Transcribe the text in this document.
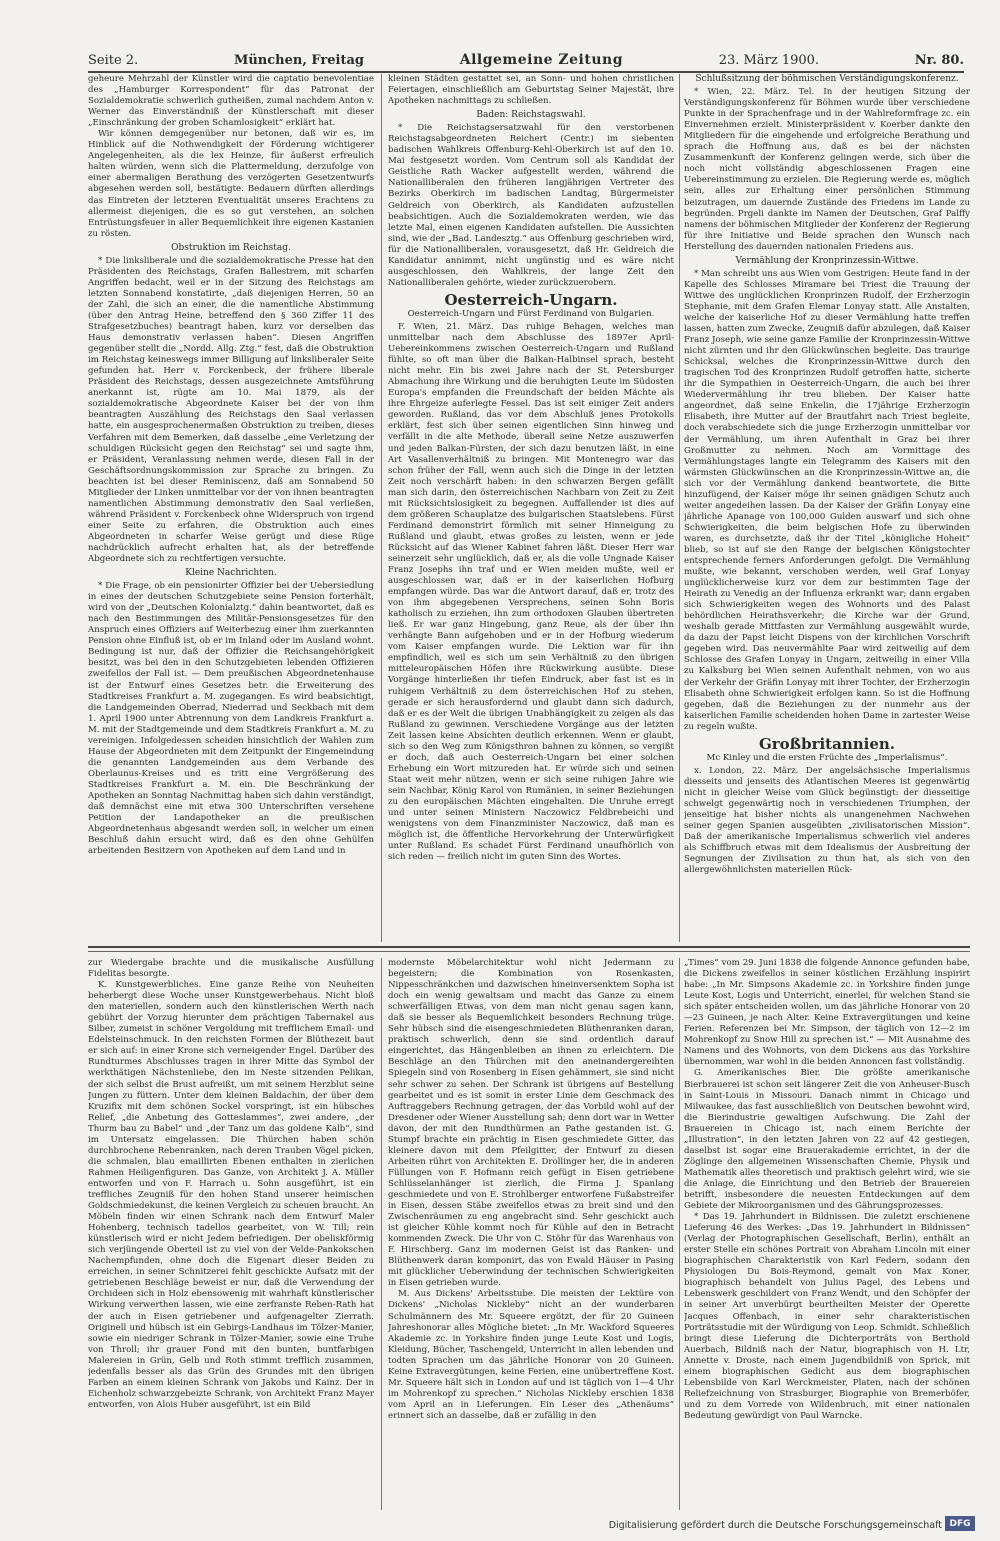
Seite 2.	München, Freitag	Allgemeine Zeitung	23. März 1900.	Nr. 80.

geheure Mehrzahl der Künstler wird die captatio benevolentiae des „Hamburger Korrespondent“ für das Patronat der Sozialdemokratie schwerlich gutheißen, zumal nachdem Anton v. Werner das Einverständniß der Künstlerschaft mit dieser „Einschränkung der groben Schamlosigkeit“ erklärt hat.

Wir können demgegenüber nur betonen, daß wir es, im Hinblick auf die Nothwendigkeit der Förderung wichtigerer Angelegenheiten, als die lex Heinze, für äußerst erfreulich halten würden, wenn sich die Plattermeldung, derzufolge von einer abermaligen Berathung des verzögerten Gesetzentwurfs abgesehen werden soll, bestätigte. Bedauern dürften allerdings das Eintreten der letzteren Eventualität unseres Erachtens zu allermeist diejenigen, die es so gut verstehen, an solchen Entrüstungsfeuer in aller Bequemlichkeit ihre eigenen Kastanien zu rösten.

Obstruktion im Reichstag.

* Die linksliberale und die sozialdemokratische Presse hat den Präsidenten des Reichstags, Grafen Ballestrem, mit scharfen Angriffen bedacht, weil er in der Sitzung des Reichstags am letzten Sonnabend konstatirte, „daß diejenigen Herren, 50 an der Zahl, die sich an einer, die die namentliche Abstimmung (über den Antrag Heine, betreffend den § 360 Ziffer 11 des Strafgesetzbuches) beantragt haben, kurz vor derselben das Haus demonstrativ verlassen haben“. Diesen Angriffen gegenüber stellt die „Nordd. Allg. Ztg.“ fest, daß die Obstruktion im Reichstag keineswegs immer Billigung auf linksliberaler Seite gefunden hat. Herr v. Forckenbeck, der frühere liberale Präsident des Reichstags, dessen ausgezeichnete Amtsführung anerkannt ist, rügte am 10. Mai 1879, als der sozialdemokratische Abgeordnete Kaiser bei der von ihm beantragten Auszählung des Reichstags den Saal verlassen hatte, ein ausgesprochenermaßen Obstruktion zu treiben, dieses Verfahren mit dem Bemerken, daß dasselbe „eine Verletzung der schuldigen Rücksicht gegen den Reichstag“ sei und sagte ihm, er Präsident, Veranlassung nehmen werde, diesen Fall in der Geschäftsordnungskommission zur Sprache zu bringen. Zu beachten ist bei dieser Reminiscenz, daß am Sonnabend 50 Mitglieder der Linken unmittelbar vor der von ihnen beantragten namentlichen Abstimmung demonstrativ den Saal verließen, während Präsident v. Forckenbeck ohne Widerspruch von irgend einer Seite zu erfahren, die Obstruktion auch eines Abgeordneten in scharfer Weise gerügt und diese Rüge nachdrücklich aufrecht erhalten hat, als der betreffende Abgeordnete sich zu rechtfertigen versuchte.

Kleine Nachrichten.

* Die Frage, ob ein pensionirter Offizier bei der Uebersiedlung in eines der deutschen Schutzgebiete seine Pension forterhält, wird von der „Deutschen Kolonialztg.“ dahin beantwortet, daß es nach den Bestimmungen des Militär-Pensionsgesetzes für den Anspruch eines Offiziers auf Weiterbezug einer ihm zuerkannten Pension ohne Einfluß ist, ob er im Inland oder im Ausland wohnt. Bedingung ist nur, daß der Offizier die Reichsangehörigkeit besitzt, was bei den in den Schutzgebieten lebenden Offizieren zweifellos der Fall ist. — Dem preußischen Abgeordnetenhause ist der Entwurf eines Gesetzes betr. die Erweiterung des Stadtkreises Frankfurt a. M. zugegangen. Es wird beabsichtigt, die Landgemeinden Oberrad, Niederrad und Seckbach mit dem 1. April 1900 unter Abtrennung von dem Landkreis Frankfurt a. M. mit der Stadtgemeinde und dem Stadtkreis Frankfurt a. M. zu vereinigen. Infolgedessen scheiden hinsichtlich der Wahlen zum Hause der Abgeordneten mit dem Zeitpunkt der Eingemeindung die genannten Landgemeinden aus dem Verbande des Oberlaunus-Kreises und es tritt eine Vergrößerung des Stadtkreises Frankfurt a. M. ein. Die Beschränkung der Apotheken an Sonntag Nachmittag haben sich dahin verständigt, daß demnächst eine mit etwa 300 Unterschriften versehene Petition der Landapotheker an die preußischen Abgeordnetenhaus abgesandt werden soll, in welcher um einen Beschluß dahin ersucht wird, daß es den ohne Gehülfen arbeitenden Besitzern von Apotheken auf dem Land und in

kleinen Städten gestattet sei, an Sonn- und hohen christlichen Feiertagen, einschließlich am Geburtstag Seiner Majestät, ihre Apotheken nachmittags zu schließen.

Baden: Reichstagswahl.

* Die Reichstagsersatzwahl für den verstorbenen Reichstagsabgeordneten Reichert (Centr.) im siebenten badischen Wahlkreis Offenburg-Kehl-Oberkirch ist auf den 10. Mai festgesetzt worden. Vom Centrum soll als Kandidat der Geistliche Rath Wacker aufgestellt werden, während die Nationalliberalen den früheren langjährigen Vertreter des Bezirks Oberkirch im badischen Landtag, Bürgermeister Geldreich von Oberkirch, als Kandidaten aufzustellen beabsichtigen. Auch die Sozialdemokraten werden, wie das letzte Mal, einen eigenen Kandidaten aufstellen. Die Aussichten sind, wie der „Bad. Landesztg.“ aus Offenburg geschrieben wird, für die Nationalliberalen, vorausgesetzt, daß Hr. Geldreich die Kandidatur annimmt, nicht ungünstig und es wäre nicht ausgeschlossen, den Wahlkreis, der lange Zeit den Nationalliberalen gehörte, wieder zurückzuerobern.

Oesterreich-Ungarn.
Oesterreich-Ungarn und Fürst Ferdinand von Bulgarien.

F. Wien, 21. März. Das ruhige Behagen, welches man unmittelbar nach dem Abschlusse des 1897er April-Uebereinkommens zwischen Oesterreich-Ungarn und Rußland fühlte, so oft man über die Balkan-Halbinsel sprach, besteht nicht mehr. Ein bis zwei Jahre nach der St. Petersburger Abmachung ihre Wirkung und die beruhigten Leute im Südosten Europa's empfanden die Freundschaft der beiden Mächte als ihre Ehrgeize auferlegte Fessel. Das ist seit einiger Zeit anders geworden. Rußland, das vor dem Abschluß jenes Protokolls erklärt, fest sich über seinen eigentlichen Sinn hinweg und verfällt in die alte Methode, überall seine Netze auszuwerfen und jeden Balkan-Fürsten, der sich dazu benutzen läßt, in eine Art Vasallenverhältniß zu bringen. Mit Montenegro war das schon früher der Fall, wenn auch sich die Dinge in der letzten Zeit noch verschärft haben: in den schwarzen Bergen gefällt man sich darin, den österreichischen Nachbarn von Zeit zu Zeit mit Rücksichtslosigkeit zu begegnen. Auffallender ist dies auf dem größeren Schauplatze des bulgarischen Staatslebens. Fürst Ferdinand demonstrirt förmlich mit seiner Hinneigung zu Rußland und glaubt, etwas großes zu leisten, wenn er jede Rücksicht auf das Wiener Kabinet fahren läßt. Dieser Herr war seinerzeit sehr unglücklich, daß er, als die volle Ungnade Kaiser Franz Josephs ihn traf und er Wien meiden mußte, weil er ausgeschlossen war, daß er in der kaiserlichen Hofburg empfangen würde. Das war die Antwort darauf, daß er, trotz des von ihm abgegebenen Versprechens, seinen Sohn Boris katholisch zu erziehen, ihn zum orthodoxen Glauben übertreten ließ. Er war ganz Hingebung, ganz Reue, als der über ihn verhängte Bann aufgehoben und er in der Hofburg wiederum vom Kaiser empfangen wurde. Die Lektion war für ihn empfindlich, weil es sich um sein Verhältniß zu den übrigen mitteleuropäischen Höfen ihre Rückwirkung ausübte. Diese Vorgänge hinterließen ihr tiefen Eindruck, aber fast ist es in ruhigem Verhältniß zu dem österreichischen Hof zu stehen, gerade er sich herausfordernd und glaubt dann sich dadurch, daß er es der Welt die übrigen Unabhängigkeit zu zeigen als das Rußland zu gewinnen. Verschiedene Vorgänge aus der letzten Zeit lassen keine Absichten deutlich erkennen. Wenn er glaubt, sich so den Weg zum Königsthron bahnen zu können, so vergißt er doch, daß auch Oesterreich-Ungarn bei einer solchen Erhebung ein Wort mitzureden hat. Er würde sich und seinen Staat weit mehr nützen, wenn er sich seine ruhigen Jahre wie sein Nachbar, König Karol von Rumänien, in seiner Beziehungen zu den europäischen Mächten eingehalten. Die Unruhe erregt und unter seinen Ministern Naczowicz Feldbrebeichi und wenigstens von dem Finanzminister Naczowicz, daß man es möglich ist, die öffentliche Hervorkehrung der Unterwürfigkeit unter Rußland. Es schadet Fürst Ferdinand unaufhörlich von sich reden — freilich nicht im guten Sinn des Wortes.

Schlußsitzung der böhmischen Verständigungskonferenz.

* Wien, 22. März. Tel. In der heutigen Sitzung der Verständigungskonferenz für Böhmen wurde über verschiedene Punkte in der Sprachenfrage und in der Wahlreformfrage zc. ein Einvernehmen erzielt. Ministerpräsident v. Koerber dankte den Mitgliedern für die eingehende und erfolgreiche Berathung und sprach die Hoffnung aus, daß es bei der nächsten Zusammenkunft der Konferenz gelingen werde, sich über die noch nicht vollständig abgeschlossenen Fragen eine Uebereinstimmung zu erzielen. Die Regierung werde es, möglich sein, alles zur Erhaltung einer persönlichen Stimmung beizutragen, um dauernde Zustände des Friedens im Lande zu begründen. Prgeli dankte im Namen der Deutschen, Graf Palffy namens der böhmischen Mitglieder der Konferenz der Regierung für ihre Initiative und Beide sprachen den Wunsch nach Herstellung des dauernden nationalen Friedens aus.

Vermählung der Kronprinzessin-Wittwe.

* Man schreibt uns aus Wien vom Gestrigen: Heute fand in der Kapelle des Schlosses Miramare bei Triest die Trauung der Wittwe des unglücklichen Kronprinzen Rudolf, der Erzherzogin Stephanie, mit dem Grafen Elemar Lonyay statt. Alle Anstalten, welche der kaiserliche Hof zu dieser Vermählung hatte treffen lassen, hatten zum Zwecke, Zeugniß dafür abzulegen, daß Kaiser Franz Joseph, wie seine ganze Familie der Kronprinzessin-Wittwe nicht zürnten und ihr den Glückwünschen begleite. Das traurige Schicksal, welches die Kronprinzessin-Wittwe durch den tragischen Tod des Kronprinzen Rudolf getroffen hatte, sicherte ihr die Sympathien in Oesterreich-Ungarn, die auch bei ihrer Wiedervermählung ihr treu blieben. Der Kaiser hatte angeordnet, daß seine Enkelin, die 17jährige Erzherzogin Elisabeth, ihre Mutter auf der Brautfahrt nach Triest begleite, doch verabschiedete sich die junge Erzherzogin unmittelbar vor der Vermählung, um ihren Aufenthalt in Graz bei ihrer Großmutter zu nehmen. Noch am Vormittage des Vermählungstages langte ein Telegramm des Kaisers mit den wärmsten Glückwünschen an die Kronprinzessin-Wittwe an, die sich vor der Vermählung dankend beantwortete, die Bitte hinzufügend, der Kaiser möge ihr seinen gnädigen Schutz auch weiter angedeihen lassen. Da der Kaiser der Gräfin Lonyay eine jährliche Apanage von 100,000 Gulden auswarf und sich ohne Schwierigkeiten, die beim belgischen Hofe zu überwinden waren, es durchsetzte, daß ihr der Titel „königliche Hoheit“ blieb, so ist auf sie den Range der belgischen Königstochter entsprechende ferners Anforderungen gefolgt. Die Vermählung mußte, wie bekannt, verschoben werden, weil Graf Lonyay unglücklicherweise kurz vor dem zur bestimmten Tage der Heirath zu Venedig an der Influenza erkrankt war; dann ergaben sich Schwierigkeiten wegen des Wohnorts und des Palast behördlichen Heirathsverkehr; die Kirche war der Grund, weshalb gerade Mittfasten zur Vermählung ausgewählt wurde, da dazu der Papst leicht Dispens von der kirchlichen Vorschrift gegeben wird. Das neuvermählte Paar wird zeitweilig auf dem Schlosse des Grafen Lonyay in Ungarn, zeitweilig in einer Villa zu Kalksburg bei Wien seinen Aufenthalt nehmen, von wo aus der Verkehr der Gräfin Lonyay mit ihrer Tochter, der Erzherzogin Elisabeth ohne Schwierigkeit erfolgen kann. So ist die Hoffnung gegeben, daß die Beziehungen zu der nunmehr aus der kaiserlichen Familie scheidenden hohen Dame in zartester Weise zu regeln wußte.

Großbritannien.
Mc Kinley und die ersten Früchte des „Imperialismus“.

x. London, 22. März. Der angelsächsische Imperialismus diesseits und jenseits des Atlantischen Meeres ist gegenwärtig nicht in gleicher Weise vom Glück begünstigt: der diesseitige schwelgt gegenwärtig noch in verschiedenen Triumphen, der jenseitige hat bisher nichts als unangenehmen Nachwehen seiner gegen Spanien ausgeübten „zivilisatorischen Mission“. Daß der amerikanische Imperialismus schwerlich viel anderes als Schiffbruch etwas mit dem Idealismus der Ausbreitung der Segnungen der Zivilisation zu thun hat, als sich von den allergewöhnlichsten materiellen Rück-

zur Wiedergabe brachte und die musikalische Ausfüllung Fidelitas besorgte.

K. Kunstgewerbliches. Eine ganze Reihe von Neuheiten beherbergt diese Woche unser Kunstgewerbehaus. Nicht bloß den materiellen, sondern auch den künstlerischen Werth nach gebührt der Vorzug hierunter dem prächtigen Tabernakel aus Silber, zumeist in schöner Vergoldung mit trefflichem Email- und Edelsteinschmuck. In den reichsten Formen der Blüthezeit baut er sich auf: in einer Krone sich verneigender Engel. Darüber des Rundturmes Abschlusses tragen in ihrer Mitte das Symbol der werkthätigen Nächstenliebe, den im Neste sitzenden Pelikan, der sich selbst die Brust aufreißt, um mit seinem Herzblut seine Jungen zu füttern. Unter dem kleinen Baldachin, der über dem Kruzifix mit dem schönen Sockel vorspringt, ist ein hübsches Relief, „die Anbetung des Gotteslammes“, zwei andere, „der Thurm bau zu Babel“ und „der Tanz um das goldene Kalb“, sind im Untersatz eingelassen. Die Thürchen haben schön durchbrochene Rebenranken, nach deren Trauben Vögel picken, die schmalen, blau emaillirten Ebenen enthalten in zierlichen Rahmen Heiligenfiguren. Das Ganze, von Architekt J. A. Müller entworfen und von F. Harrach u. Sohn ausgeführt, ist ein treffliches Zeugniß für den hohen Stand unserer heimischen Goldschmiedekunst, die keinen Vergleich zu scheuen braucht. An Möbeln finden wir einen Schrank nach dem Entwurf Maler Hohenberg, technisch tadellos gearbeitet, von W. Till; rein künstlerisch wird er nicht Jedem befriedigen. Der obeliskförmig sich verjüngende Oberteil ist zu viel von der Velde-Pankokschen Nachempfunden, ohne doch die Eigenart dieser Beiden zu erreichen, in seiner Schnitzerei fehlt geschickte Aufsatz mit der getriebenen Beschläge beweist er nur, daß die Verwendung der Orchideen sich in Holz ebensowenig mit wahrhaft künstlerischer Wirkung verwerthen lassen, wie eine zerfranste Reben-Rath hat der auch in Eisen getriebener und aufgenagelter Zierrath. Originell und hübsch ist ein Gebirgs-Landhaus im Tölzer-Manier, sowie ein niedriger Schrank in Tölzer-Manier, sowie eine Truhe von Throll; ihr grauer Fond mit den bunten, buntfarbigen Malereien in Grün, Gelb und Roth stimmt trefflich zusammen, jedenfalls besser als das Grün des Grundes mit den übrigen Farben an einem kleinen Schrank von Jakobs und Kainz. Der in Eichenholz schwarzgebeizte Schrank, von Architekt Franz Mayer entworfen, von Alois Huber ausgeführt, ist ein Bild

modernste Möbelarchitektur wohl nicht Jedermann zu begeistern; die Kombination von Rosenkasten, Nippesschränkchen und dazwischen hineinversenktem Sopha ist doch ein wenig gewaltsam und macht das Ganze zu einem schwerfälligen Etwas, von dem man nicht genau sagen kann, daß sie besser als Bequemlichkeit besonders Rechnung trüge. Sehr hübsch sind die eisengeschmiedeten Blüthenranken daran, praktisch schwerlich, denn sie sind ordentlich darauf eingerichtet, das Hängenbleiben an ihnen zu erleichtern. Die Beschläge an den Thürchen mit den aneinandergereihten Spiegeln sind von Rosenberg in Eisen gehämmert, sie sind nicht sehr schwer zu sehen. Der Schrank ist übrigens auf Bestellung gearbeitet und es ist somit in erster Linie dem Geschmack des Auftraggebers Rechnung getragen, der das Vorbild wohl auf der Dresdener oder Wiener Ausstellung sah; denn dort war in Wetter davon, der mit den Rundthürmen an Pathe gestanden ist. G. Stumpf brachte ein prächtig in Eisen geschmiedete Gitter, das kleinere davon mit dem Pfeilgitter, der Entwurf zu diesen Arbeiten rührt von Architekten E. Drollinger her, die in anderen Füllungen von F. Hofmann reich gefügt in Eisen getriebene Schlüsselanhänger ist zierlich, die Firma J. Spanlang geschmiedete und von E. Strohlberger entworfene Fußabstreifer in Eisen, dessen Stäbe zweifellos etwas zu breit sind und den Zwischenräumen zu eng angebracht sind. Sehr geschickt auch ist gleicher Kühle kommt noch für Kühle auf den in Betracht kommenden Zweck. Die Uhr von C. Stöhr für das Warenhaus von F. Hirschberg. Ganz im modernen Geist ist das Ranken- und Blüthenwerk daran komponirt, das von Ewald Häuser in Pasing mit glücklicher Ueberwindung der technischen Schwierigkeiten in Eisen getrieben wurde.

M. Aus Dickens' Arbeitsstube. Die meisten der Lektüre von Dickens' „Nicholas Nickleby“ nicht an der wunderbaren Schulmännern des Mr. Squeere ergötzt, der für 20 Guineen Jahreshonorar alles Mögliche bietet: „In Mr. Wackford Squeeres Akademie zc. in Yorkshire finden junge Leute Kost und Logis, Kleidung, Bücher, Taschengeld, Unterricht in allen lebenden und todten Sprachen um das jährliche Honorar von 20 Guineen. Keine Extravergütungen, keine Ferien, eine unübertreffene Kost. Mr. Squeere hält sich in London auf und ist täglich von 1—4 Uhr im Mohrenkopf zu sprechen.“ Nicholas Nickleby erschien 1838 vom April an in Lieferungen. Ein Leser des „Athenäums“ erinnert sich an dasselbe, daß er zufällig in den

„Times“ vom 29. Juni 1838 die folgende Annonce gefunden habe, die Dickens zweifellos in seiner köstlichen Erzählung inspirirt habe: „In Mr. Simpsons Akademie zc. in Yorkshire finden junge Leute Kost, Logis und Unterricht, einerlei, für welchen Stand sie sich später entscheiden wollen, um das jährliche Honorar von 20—23 Guineen, je nach Alter. Keine Extravergütungen und keine Ferien. Referenzen bei Mr. Simpson, der täglich von 12—2 im Mohrenkopf zu Snow Hill zu sprechen ist.“ — Mit Ausnahme des Namens und des Wohnorts, von dem Dickens aus das Yorkshire übernommen, war wohl in die beiden Annoncen fast vollständig.

G. Amerikanisches Bier. Die größte amerikanische Bierbrauerei ist schon seit längerer Zeit die von Anheuser-Busch in Saint-Louis in Missouri. Danach nimmt in Chicago und Milwaukee, das fast ausschließlich von Deutschen bewohnt wird, die Bierindustrie gewaltigen Aufschwung. Die Zahl der Brauereien in Chicago ist, nach einem Berichte der „Illustration“, in den letzten Jahren von 22 auf 42 gestiegen, daselbst ist sogar eine Brauerakademie errichtet, in der die Zöglinge den allgemeinen Wissenschaften Chemie, Physik und Mathematik alles theoretisch und praktisch gelehrt wird, wie sie die Anlage, die Einrichtung und den Betrieb der Brauereien betrifft, insbesondere die neuesten Entdeckungen auf dem Gebiete der Mikroorganismen und des Gährungsprozesses.

* Das 19. Jahrhundert in Bildnissen. Die zuletzt erschienene Lieferung 46 des Werkes: „Das 19. Jahrhundert in Bildnissen“ (Verlag der Photographischen Gesellschaft, Berlin), enthält an erster Stelle ein schönes Portrait von Abraham Lincoln mit einer biographischen Charakteristik von Karl Federn, sodann den Physiologen Du Bois-Reymond, gemalt von Max Koner, biographisch behandelt von Julius Pagel, des Lebens und Lebenswerk geschildert von Franz Wendt, und den Schöpfer der in seiner Art unverbürgt beurtheilten Meister der Operette Jacques Offenbach, in einer sehr charakteristischen Porträtsstudie mit der Würdigung von Leop. Schmidt. Schließlich bringt diese Lieferung die Dichterporträts von Berthold Auerbach, Bildniß nach der Natur, biographisch von H. Ltr, Annette v. Droste, nach einem Jugendbildniß von Sprick, mit einem biographischen Gedicht aus dem biographischen Lebensbilde von Karl Werckmeister, Platen, nach der schönen Reliefzeichnung von Strasburger, Biographie von Bremerböfer, und zu dem Vorrede von Wildenbruch, mit einer nationalen Bedeutung gewürdigt von Paul Warncke.

Digitalisierung gefördert durch die Deutsche Forschungsgemeinschaft DFG
